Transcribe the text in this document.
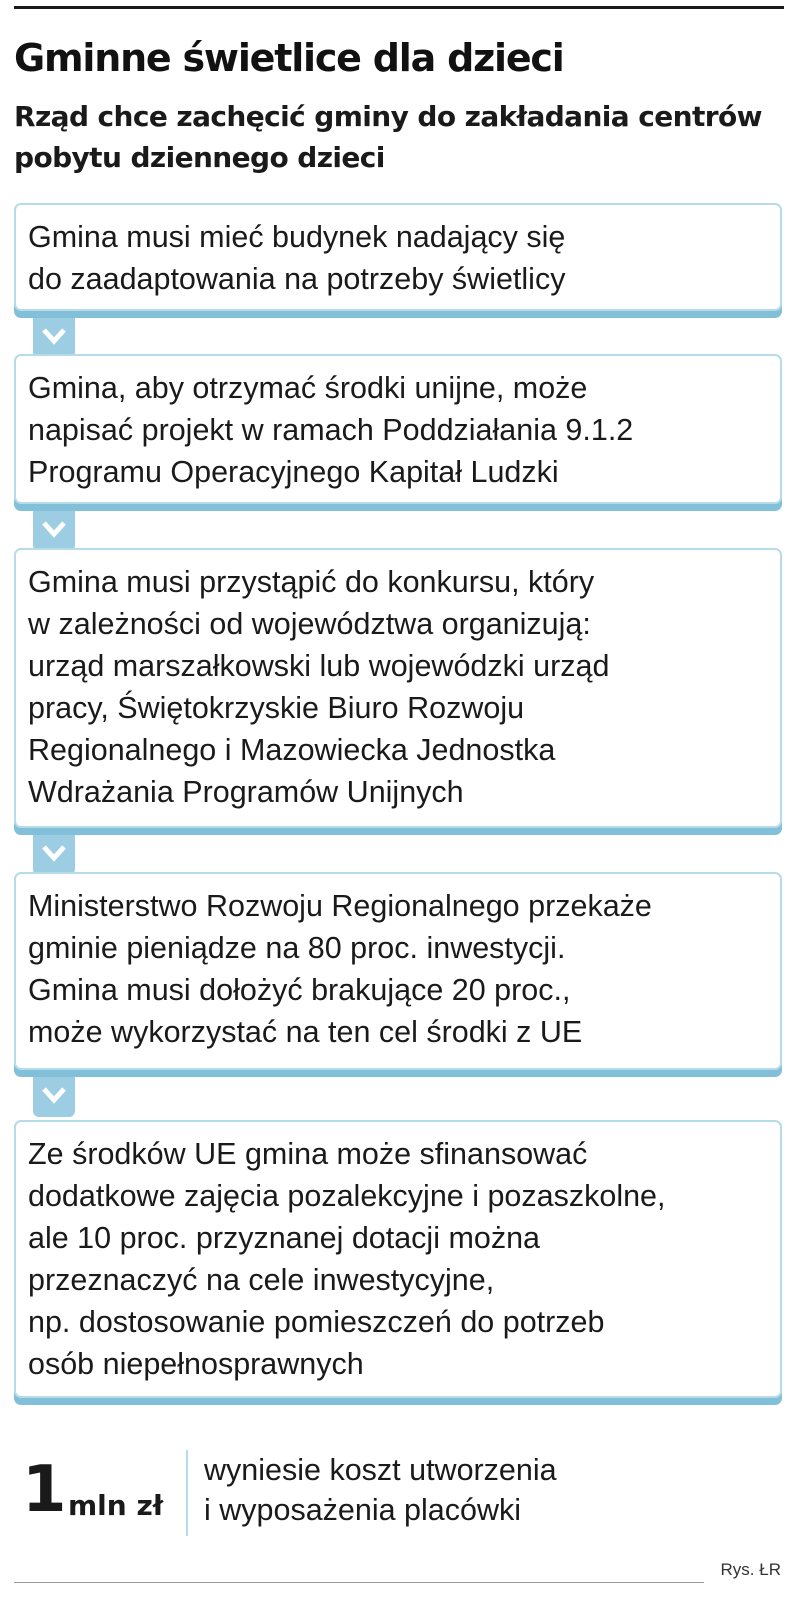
Gminne świetlice dla dzieci
Rząd chce zachęcić gminy do zakładania centrów pobytu dziennego dzieci

Gmina musi mieć budynek nadający się
do zaadaptowania na potrzeby świetlicy

Gmina, aby otrzymać środki unijne, może
napisać projekt w ramach Poddziałania 9.1.2
Programu Operacyjnego Kapitał Ludzki

Gmina musi przystąpić do konkursu, który
w zależności od województwa organizują:
urząd marszałkowski lub wojewódzki urząd
pracy, Świętokrzyskie Biuro Rozwoju
Regionalnego i Mazowiecka Jednostka
Wdrażania Programów Unijnych

Ministerstwo Rozwoju Regionalnego przekaże
gminie pieniądze na 80 proc. inwestycji.
Gmina musi dołożyć brakujące 20 proc.,
może wykorzystać na ten cel środki z UE

Ze środków UE gmina może sfinansować
dodatkowe zajęcia pozalekcyjne i pozaszkolne,
ale 10 proc. przyznanej dotacji można
przeznaczyć na cele inwestycyjne,
np. dostosowanie pomieszczeń do potrzeb
osób niepełnosprawnych

1 mln zł

wyniesie koszt utworzenia
i wyposażenia placówki

Rys. ŁR
